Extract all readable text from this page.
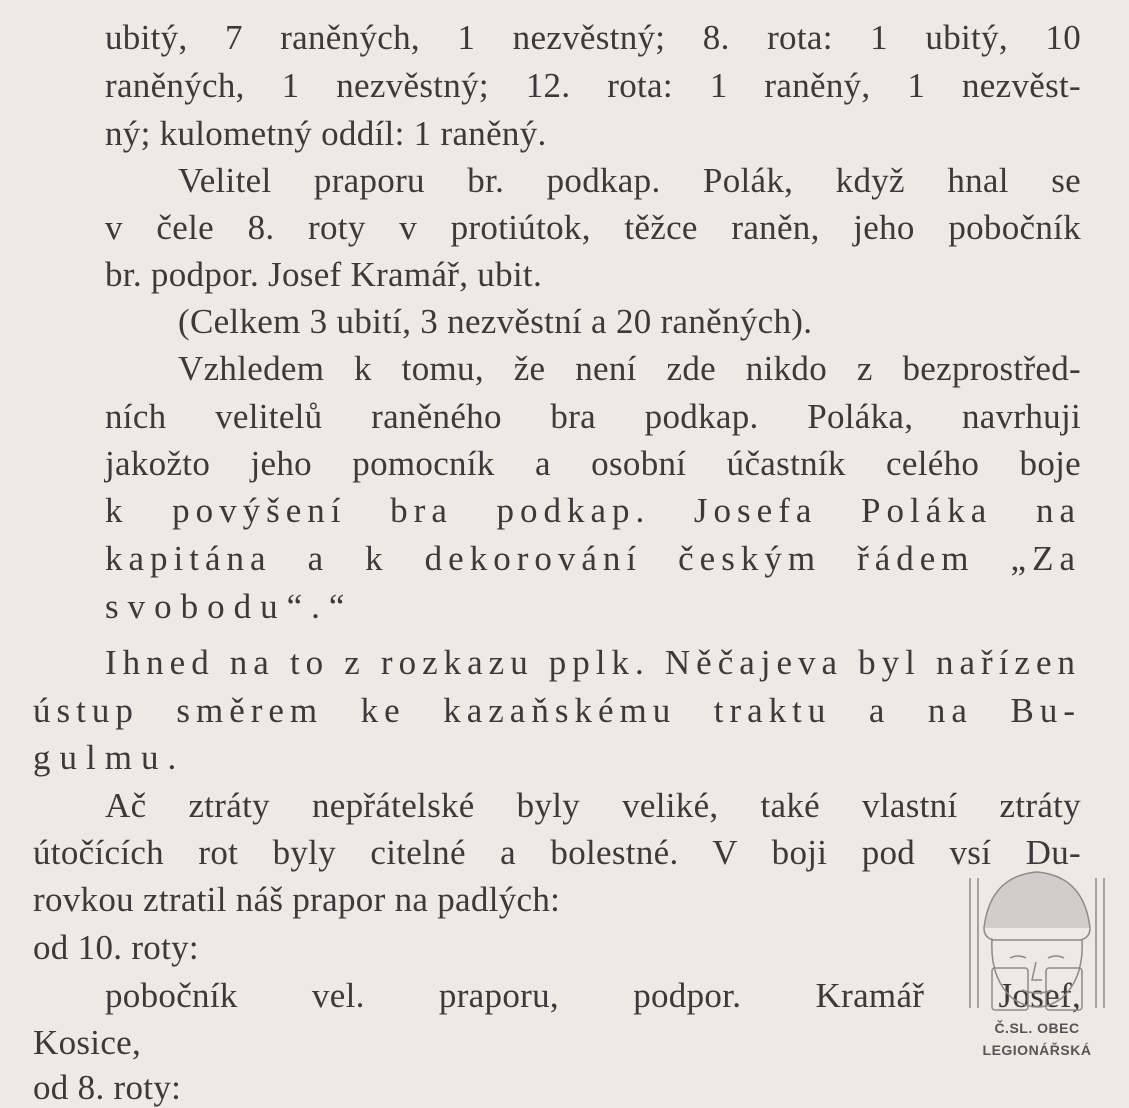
ubitý, 7 raněných, 1 nezvěstný; 8. rota: 1 ubitý, 10
raněných, 1 nezvěstný; 12. rota: 1 raněný, 1 nezvěst-
ný; kulometný oddíl: 1 raněný.
Velitel praporu br. podkap. Polák, když hnal se
v čele 8. roty v protiútok, těžce raněn, jeho pobočník
br. podpor. Josef Kramář, ubit.
(Celkem 3 ubití, 3 nezvěstní a 20 raněných).
Vzhledem k tomu, že není zde nikdo z bezprostřed-
ních velitelů raněného bra podkap. Poláka, navrhuji
jakožto jeho pomocník a osobní účastník celého boje
k povýšení bra podkap. Josefa Poláka na
kapitána a k dekorování českým řádem „Za
svobodu“.“
Ihned na to z rozkazu pplk. Něčajeva byl nařízen
ústup směrem ke kazaňskému traktu a na Bu-
gulmu.
Ač ztráty nepřátelské byly veliké, také vlastní ztráty
útočících rot byly citelné a bolestné. V boji pod vsí Du-
rovkou ztratil náš prapor na padlých:
od 10. roty:
pobočník vel. praporu, podpor. Kramář Josef,
Kosice,
od 8. roty:
Č.SL. OBEC
LEGIONÁŘSKÁ
